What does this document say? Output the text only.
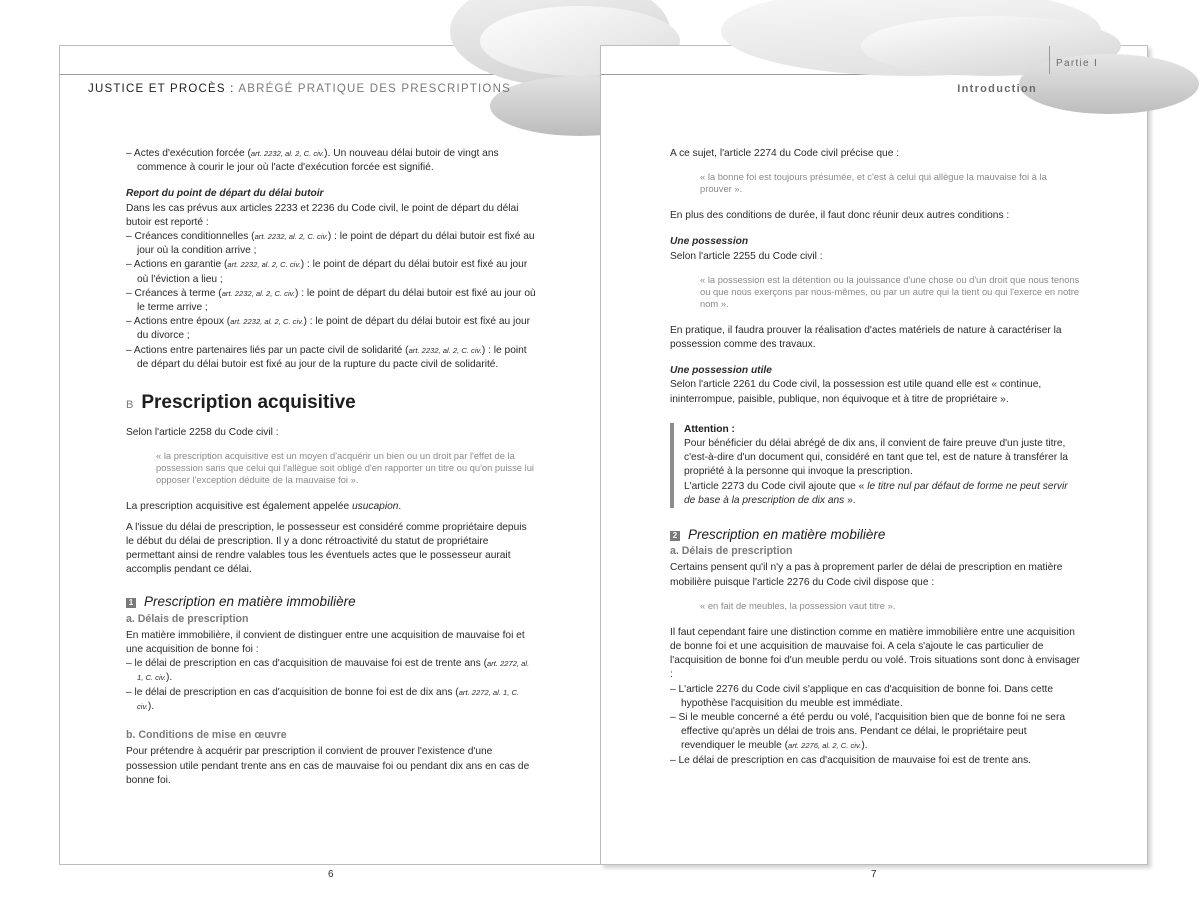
JUSTICE ET PROCÈS : ABRÉGÉ PRATIQUE DES PRESCRIPTIONS

– Actes d'exécution forcée (art. 2232, al. 2, C. civ.). Un nouveau délai butoir de vingt ans commence à courir le jour où l'acte d'exécution forcée est signifié.

Report du point de départ du délai butoir

Dans les cas prévus aux articles 2233 et 2236 du Code civil, le point de départ du délai butoir est reporté :

– Créances conditionnelles (art. 2232, al. 2, C. civ.) : le point de départ du délai butoir est fixé au jour où la condition arrive ;

– Actions en garantie (art. 2232, al. 2, C. civ.) : le point de départ du délai butoir est fixé au jour où l'éviction a lieu ;

– Créances à terme (art. 2232, al. 2, C. civ.) : le point de départ du délai butoir est fixé au jour où le terme arrive ;

– Actions entre époux (art. 2232, al. 2, C. civ.) : le point de départ du délai butoir est fixé au jour du divorce ;

– Actions entre partenaires liés par un pacte civil de solidarité (art. 2232, al. 2, C. civ.) : le point de départ du délai butoir est fixé au jour de la rupture du pacte civil de solidarité.

B Prescription acquisitive

Selon l'article 2258 du Code civil :

« la prescription acquisitive est un moyen d'acquérir un bien ou un droit par l'effet de la possession sans que celui qui l'allègue soit obligé d'en rapporter un titre ou qu'on puisse lui opposer l'exception déduite de la mauvaise foi ».

La prescription acquisitive est également appelée usucapion.

A l'issue du délai de prescription, le possesseur est considéré comme propriétaire depuis le début du délai de prescription. Il y a donc rétroactivité du statut de propriétaire permettant ainsi de rendre valables tous les éventuels actes que le possesseur aurait accomplis pendant ce délai.

1 Prescription en matière immobilière

a. Délais de prescription

En matière immobilière, il convient de distinguer entre une acquisition de mauvaise foi et une acquisition de bonne foi :

– le délai de prescription en cas d'acquisition de mauvaise foi est de trente ans (art. 2272, al. 1, C. civ.).

– le délai de prescription en cas d'acquisition de bonne foi est de dix ans (art. 2272, al. 1, C. civ.).

b. Conditions de mise en œuvre

Pour prétendre à acquérir par prescription il convient de prouver l'existence d'une possession utile pendant trente ans en cas de mauvaise foi ou pendant dix ans en cas de bonne foi.

6
Partie I
Introduction

A ce sujet, l'article 2274 du Code civil précise que :

« la bonne foi est toujours présumée, et c'est à celui qui allègue la mauvaise foi à la prouver ».

En plus des conditions de durée, il faut donc réunir deux autres conditions :

Une possession

Selon l'article 2255 du Code civil :

« la possession est la détention ou la jouissance d'une chose ou d'un droit que nous tenons ou que nous exerçons par nous-mêmes, ou par un autre qui la tient ou qui l'exerce en notre nom ».

En pratique, il faudra prouver la réalisation d'actes matériels de nature à caractériser la possession comme des travaux.

Une possession utile

Selon l'article 2261 du Code civil, la possession est utile quand elle est « continue, ininterrompue, paisible, publique, non équivoque et à titre de propriétaire ».

Attention :
Pour bénéficier du délai abrégé de dix ans, il convient de faire preuve d'un juste titre, c'est-à-dire d'un document qui, considéré en tant que tel, est de nature à transférer la propriété à la personne qui invoque la prescription.
L'article 2273 du Code civil ajoute que « le titre nul par défaut de forme ne peut servir de base à la prescription de dix ans ».
2 Prescription en matière mobilière

a. Délais de prescription

Certains pensent qu'il n'y a pas à proprement parler de délai de prescription en matière mobilière puisque l'article 2276 du Code civil dispose que :

« en fait de meubles, la possession vaut titre ».

Il faut cependant faire une distinction comme en matière immobilière entre une acquisition de bonne foi et une acquisition de mauvaise foi. A cela s'ajoute le cas particulier de l'acquisition de bonne foi d'un meuble perdu ou volé. Trois situations sont donc à envisager :

– L'article 2276 du Code civil s'applique en cas d'acquisition de bonne foi. Dans cette hypothèse l'acquisition du meuble est immédiate.

– Si le meuble concerné a été perdu ou volé, l'acquisition bien que de bonne foi ne sera effective qu'après un délai de trois ans. Pendant ce délai, le propriétaire peut revendiquer le meuble (art. 2276, al. 2, C. civ.).

– Le délai de prescription en cas d'acquisition de mauvaise foi est de trente ans.

7
